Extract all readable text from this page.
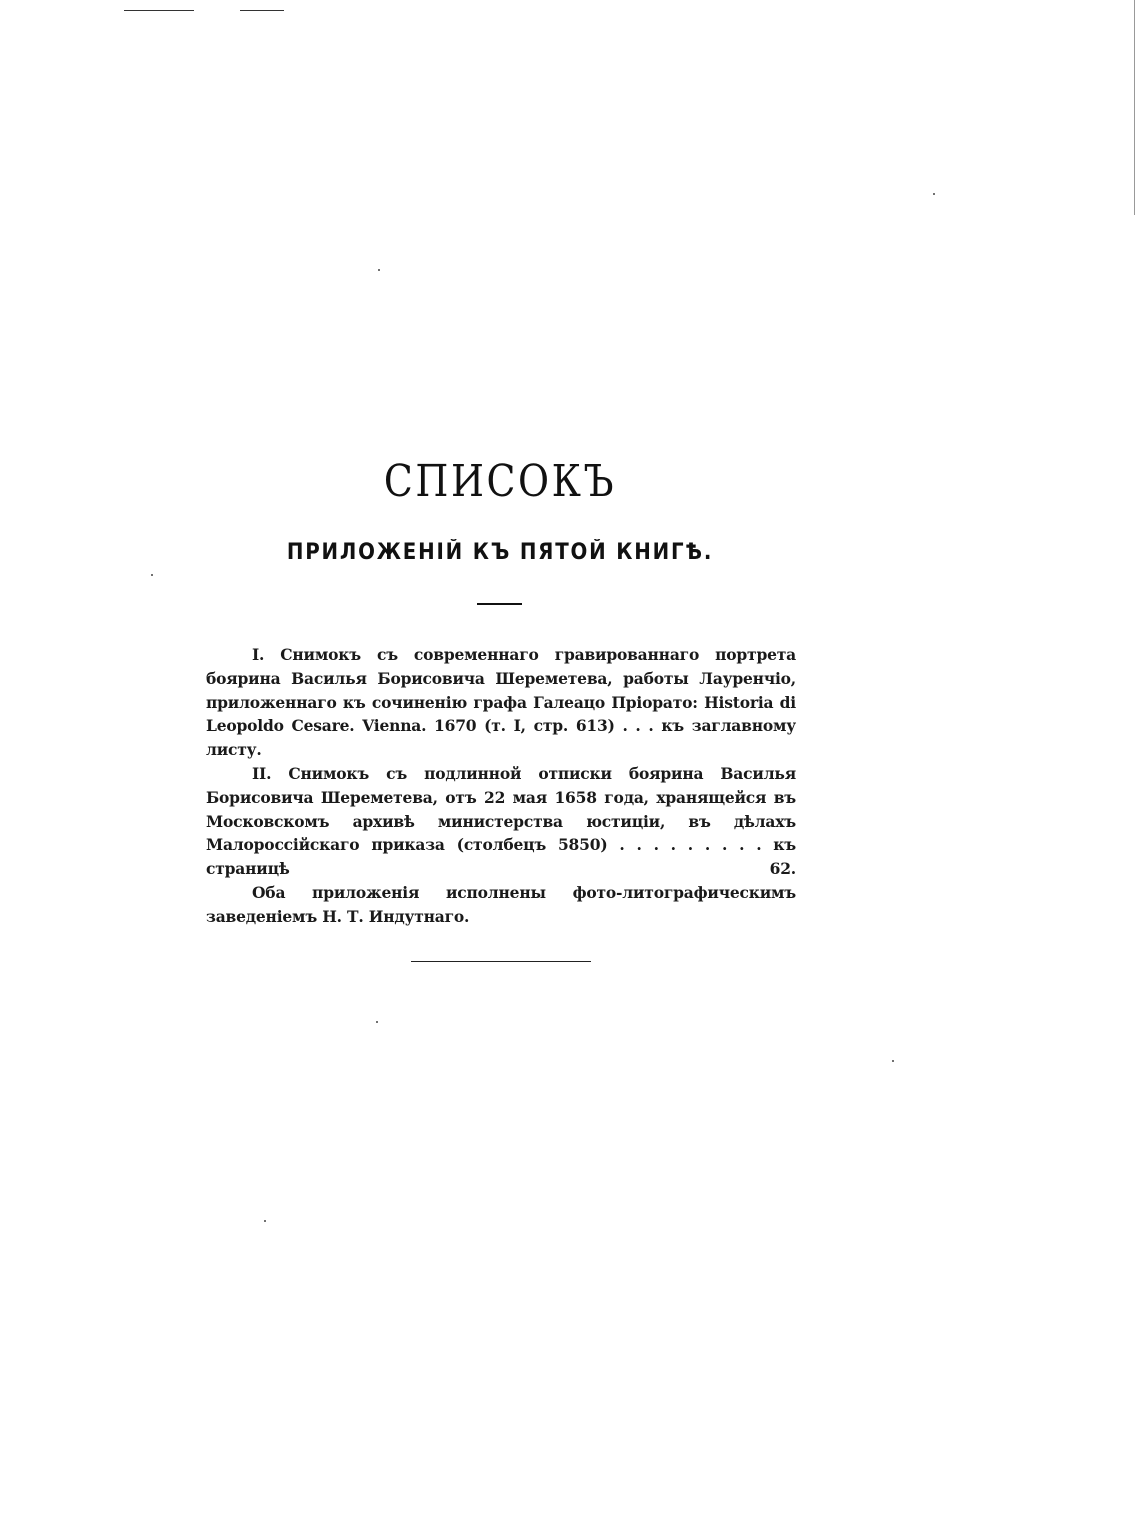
СПИСОКЪ
ПРИЛОЖЕНІЙ КЪ ПЯТОЙ КНИГѢ.

I. Снимокъ съ современнаго гравированнаго портрета боярина Василья Борисовича Шереметева, работы Лауренчіо, приложеннаго къ сочиненію графа Галеацо Пріорато: Historia di Leopoldo Cesare. Vienna. 1670 (т. I, стр. 613) . . . къ заглавному листу.

II. Снимокъ съ подлинной отписки боярина Василья Борисовича Шереметева, отъ 22 мая 1658 года, хранящейся въ Московскомъ архивѣ министерства юстиціи, въ дѣлахъ Малороссійскаго приказа (столбецъ 5850) . . . . . . . . . къ страницѣ 62.

Оба приложенія исполнены фото-литографическимъ заведеніемъ Н. Т. Индутнаго.
